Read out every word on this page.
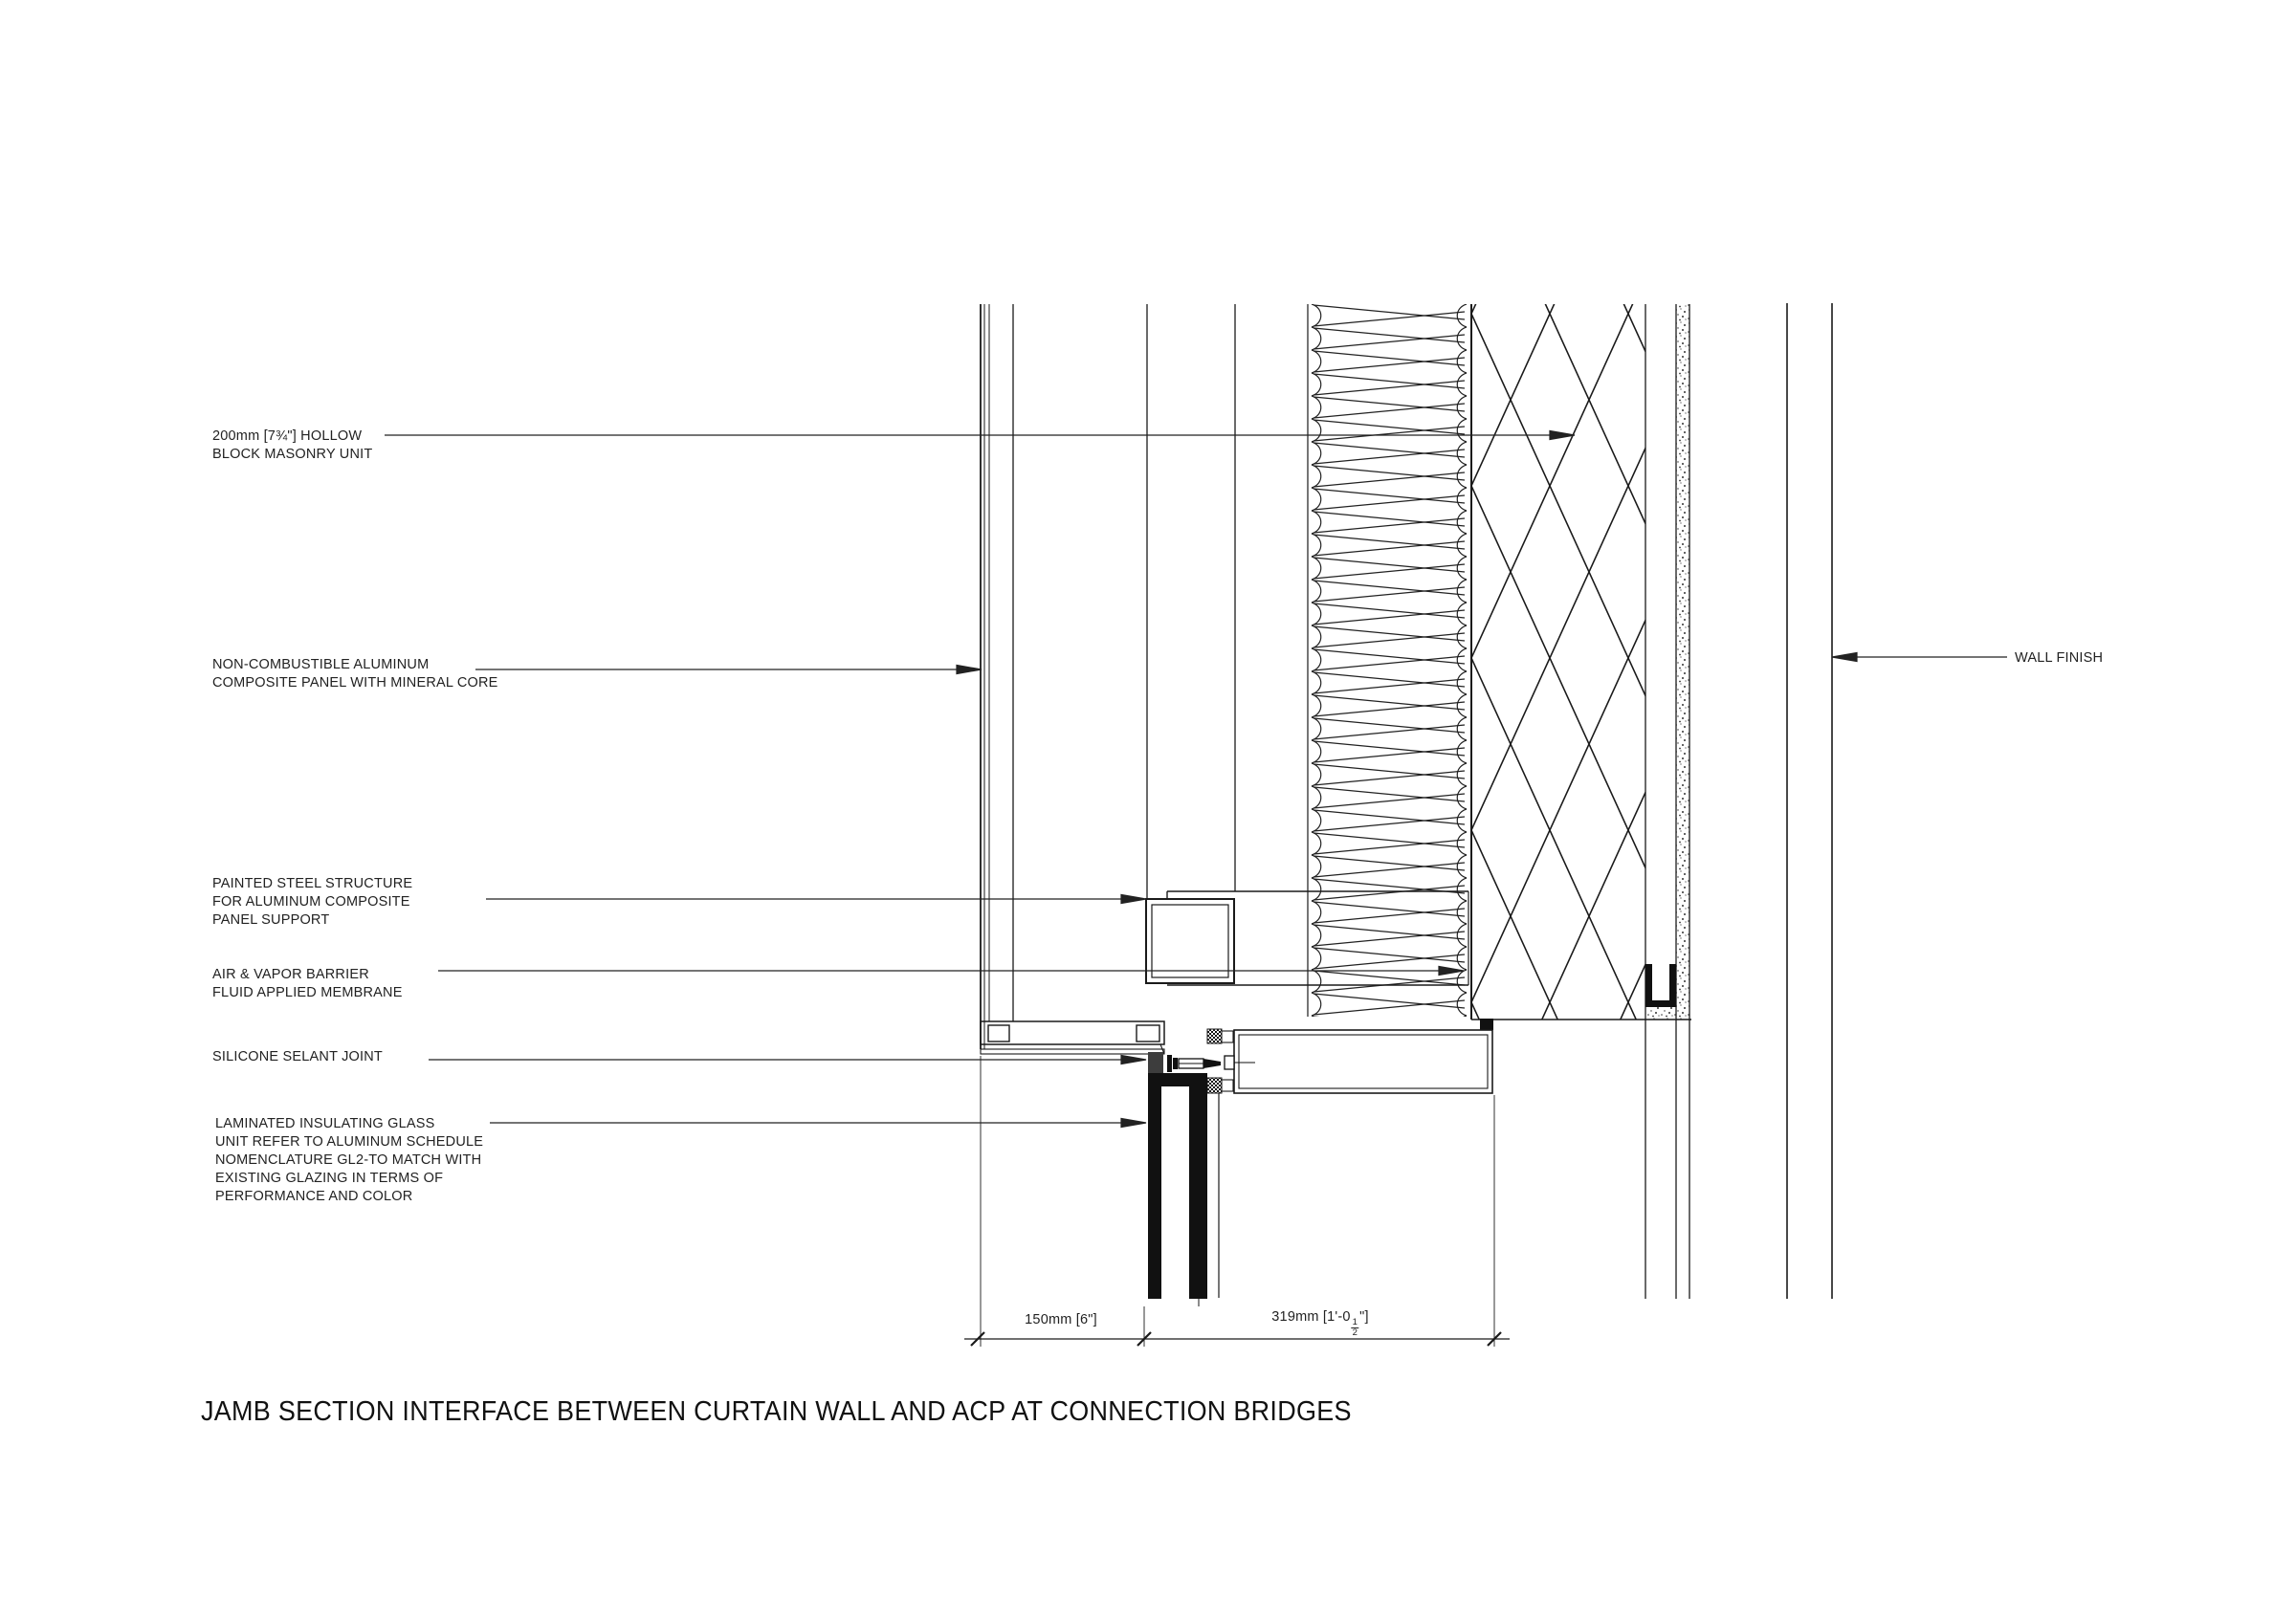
200mm [7¾"] HOLLOW
BLOCK MASONRY UNIT
NON-COMBUSTIBLE ALUMINUM
COMPOSITE PANEL WITH MINERAL CORE
PAINTED STEEL STRUCTURE
FOR ALUMINUM COMPOSITE
PANEL SUPPORT
AIR & VAPOR BARRIER
FLUID APPLIED MEMBRANE
SILICONE SELANT JOINT
LAMINATED INSULATING GLASS
UNIT REFER TO ALUMINUM SCHEDULE
NOMENCLATURE GL2-TO MATCH WITH
EXISTING GLAZING IN TERMS OF
PERFORMANCE AND COLOR
WALL FINISH
150mm [6"]	319mm [1'-0
$\frac{1}{2}$
"]
JAMB SECTION INTERFACE BETWEEN CURTAIN WALL AND ACP AT CONNECTION BRIDGES
